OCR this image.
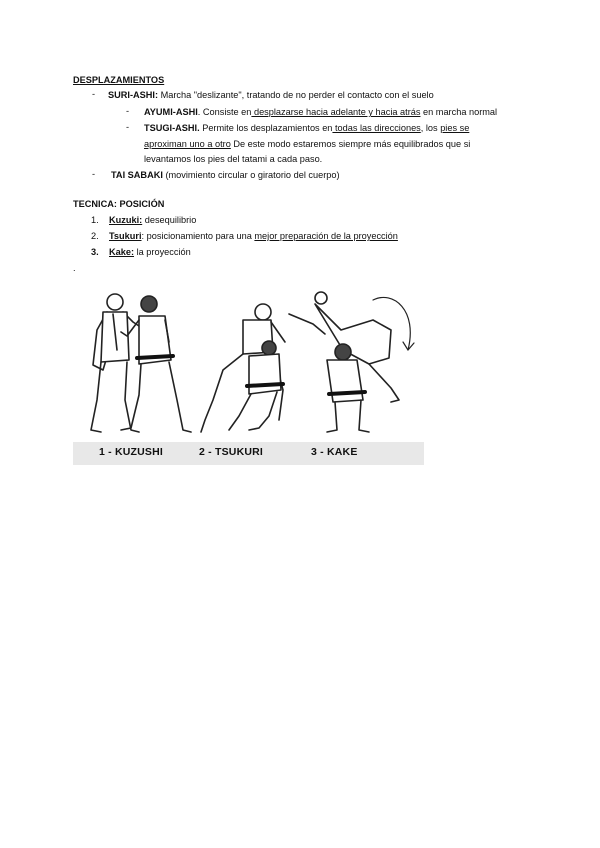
DESPLAZAMIENTOS
- SURI-ASHI: Marcha "deslizante", tratando de no perder el contacto con el suelo
- AYUMI-ASHI. Consiste en desplazarse hacia adelante y hacia atrás en marcha normal
- TSUGI-ASHI. Permite los desplazamientos en todas las direcciones, los pies se
aproximan uno a otro De este modo estaremos siempre más equilibrados que si
levantamos los pies del tatami a cada paso.
- TAI SABAKI (movimiento circular o giratorio del cuerpo)
TECNICA: POSICIÓN
1. Kuzuki: desequilibrio
2. Tsukuri: posicionamiento para una mejor preparación de la proyección
3. Kake: la proyección
.
1 - KUZUSHI	2 - TSUKURI	3 - KAKE
